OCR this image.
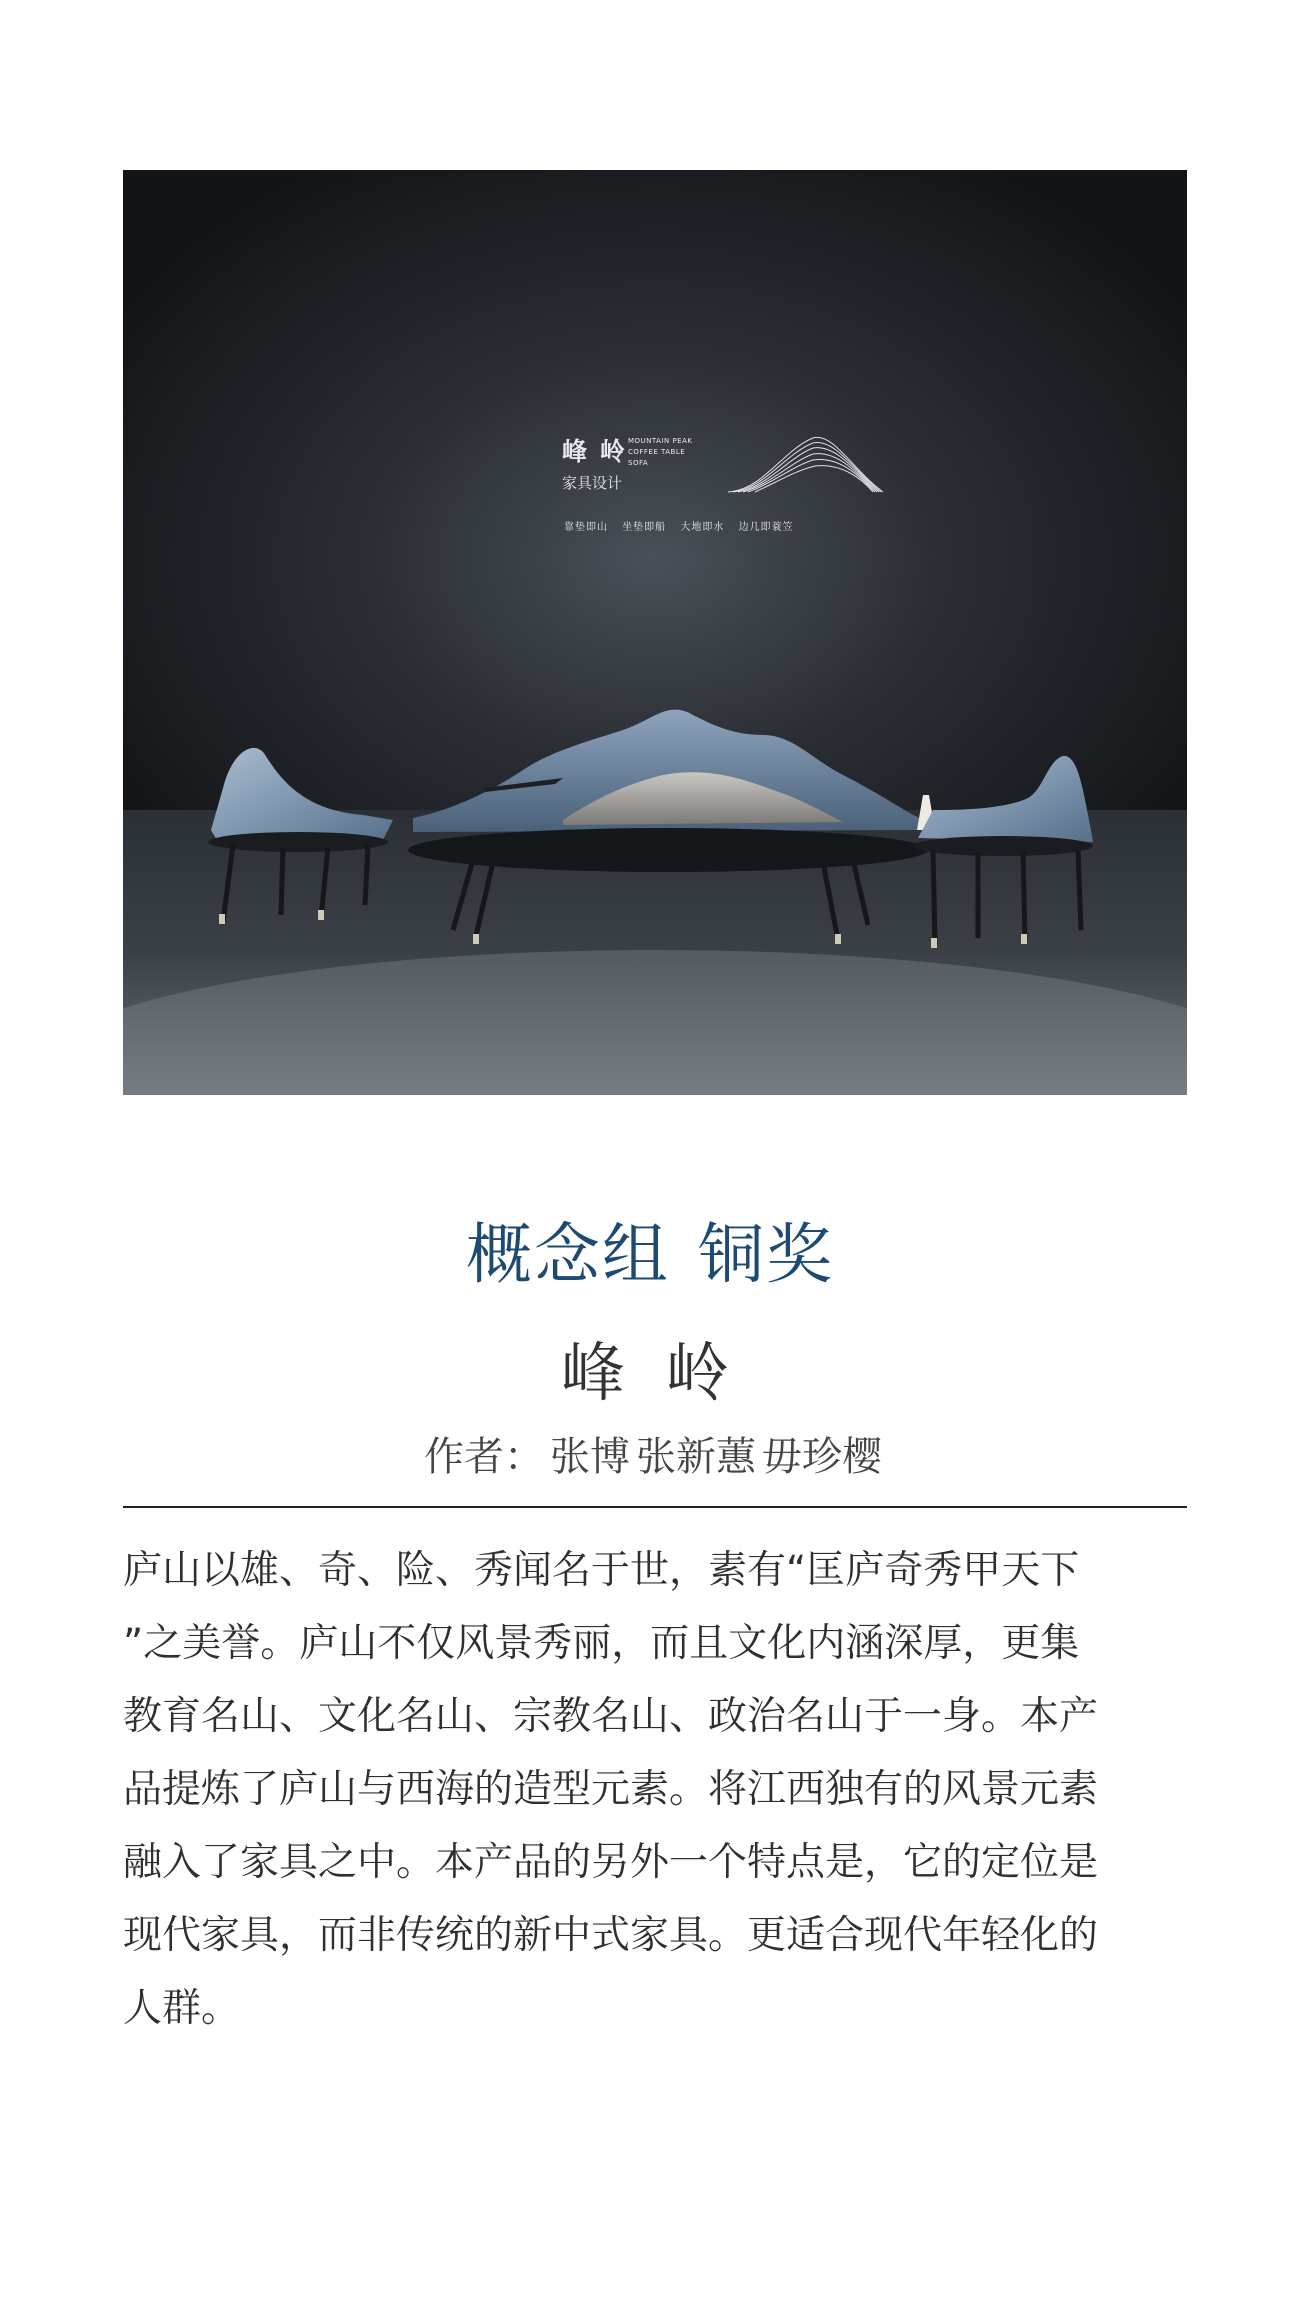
峰 岭
家具设计
MOUNTAIN PEAK
COFFEE TABLE
SOFA
靠垫即山 坐垫即船 大地即水 边几即蓑笠
概念组 铜奖
峰 岭
作者： 张博 张新蕙 毋珍樱

庐山以雄、奇、险、秀闻名于世，素有“匡庐奇秀甲天下
”之美誉。庐山不仅风景秀丽，而且文化内涵深厚，更集
教育名山、文化名山、宗教名山、政治名山于一身。本产
品提炼了庐山与西海的造型元素。将江西独有的风景元素
融入了家具之中。本产品的另外一个特点是，它的定位是
现代家具，而非传统的新中式家具。更适合现代年轻化的
人群。
